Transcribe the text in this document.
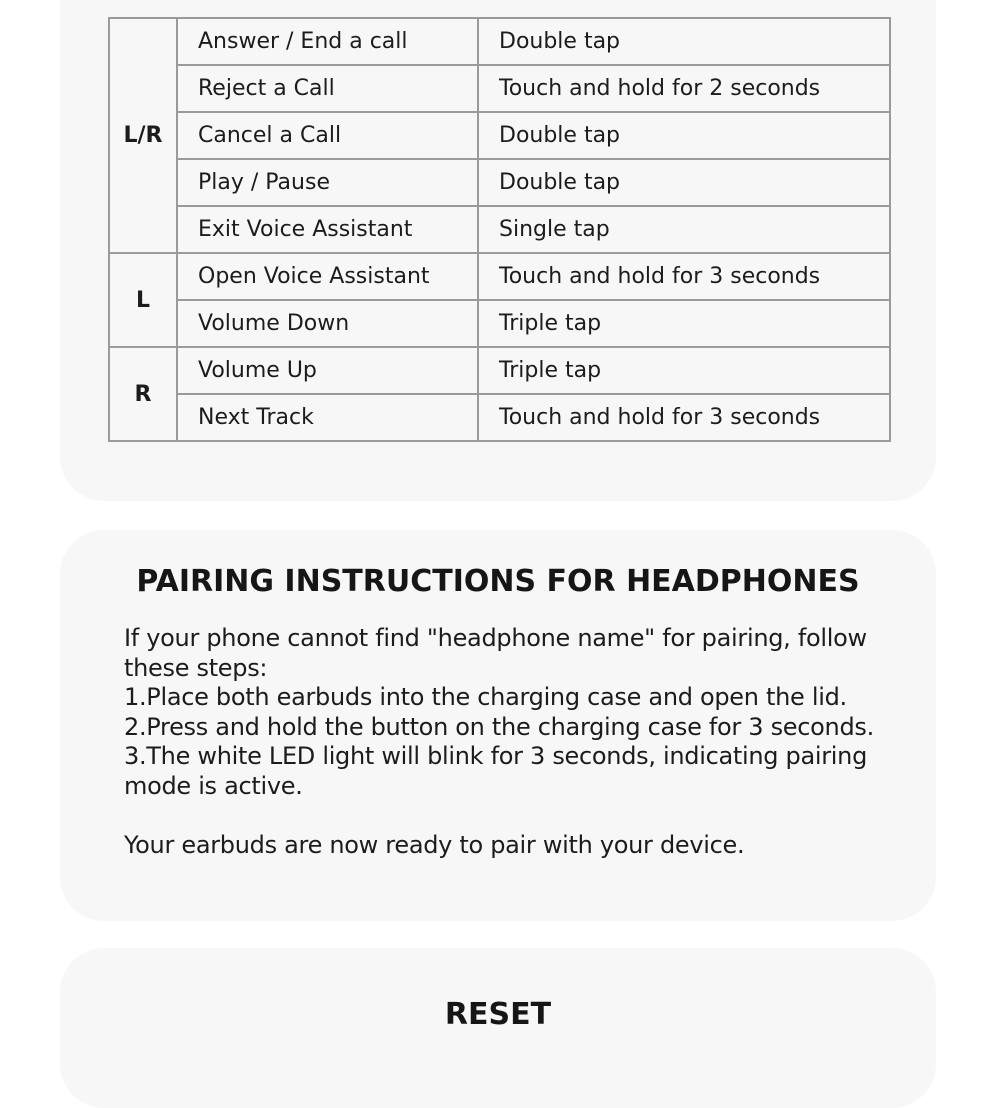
L/R	Answer / End a call	Double tap
	Reject a Call	Touch and hold for 2 seconds
	Cancel a Call	Double tap
	Play / Pause	Double tap
	Exit Voice Assistant	Single tap
L	Open Voice Assistant	Touch and hold for 3 seconds
	Volume Down	Triple tap
R	Volume Up	Triple tap
	Next Track	Touch and hold for 3 seconds
PAIRING INSTRUCTIONS FOR HEADPHONES

If your phone cannot find "headphone name" for pairing, follow these steps:

1.Place both earbuds into the charging case and open the lid.

2.Press and hold the button on the charging case for 3 seconds.

3.The white LED light will blink for 3 seconds, indicating pairing mode is active.

Your earbuds are now ready to pair with your device.

RESET
